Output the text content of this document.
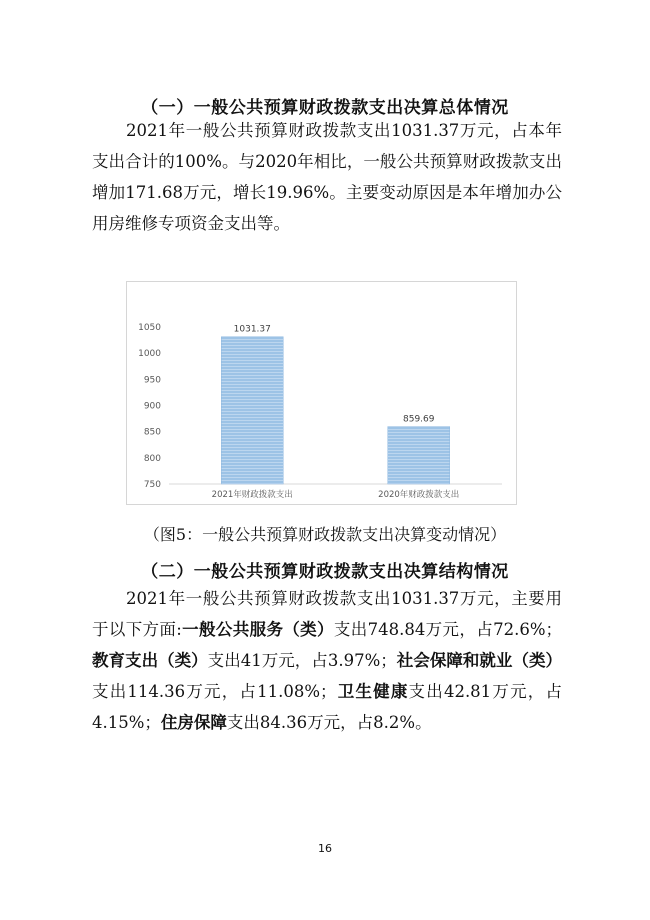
（一）一般公共预算财政拨款支出决算总体情况
2021年一般公共预算财政拨款支出1031.37万元，占本年支出合计的100%。与2020年相比，一般公共预算财政拨款支出增加171.68万元，增长19.96%。主要变动原因是本年增加办公用房维修专项资金支出等。
750
800
850
900
950
1000
1050	1031.37
859.69
2021年财政拨款支出	2020年财政拨款支出
（图5：一般公共预算财政拨款支出决算变动情况）
（二）一般公共预算财政拨款支出决算结构情况
2021年一般公共预算财政拨款支出1031.37万元，主要用于以下方面:一般公共服务（类）支出748.84万元，占72.6%；教育支出（类）支出41万元，占3.97%；社会保障和就业（类）支出114.36万元，占11.08%；卫生健康支出42.81万元，占4.15%；住房保障支出84.36万元，占8.2%。
16
